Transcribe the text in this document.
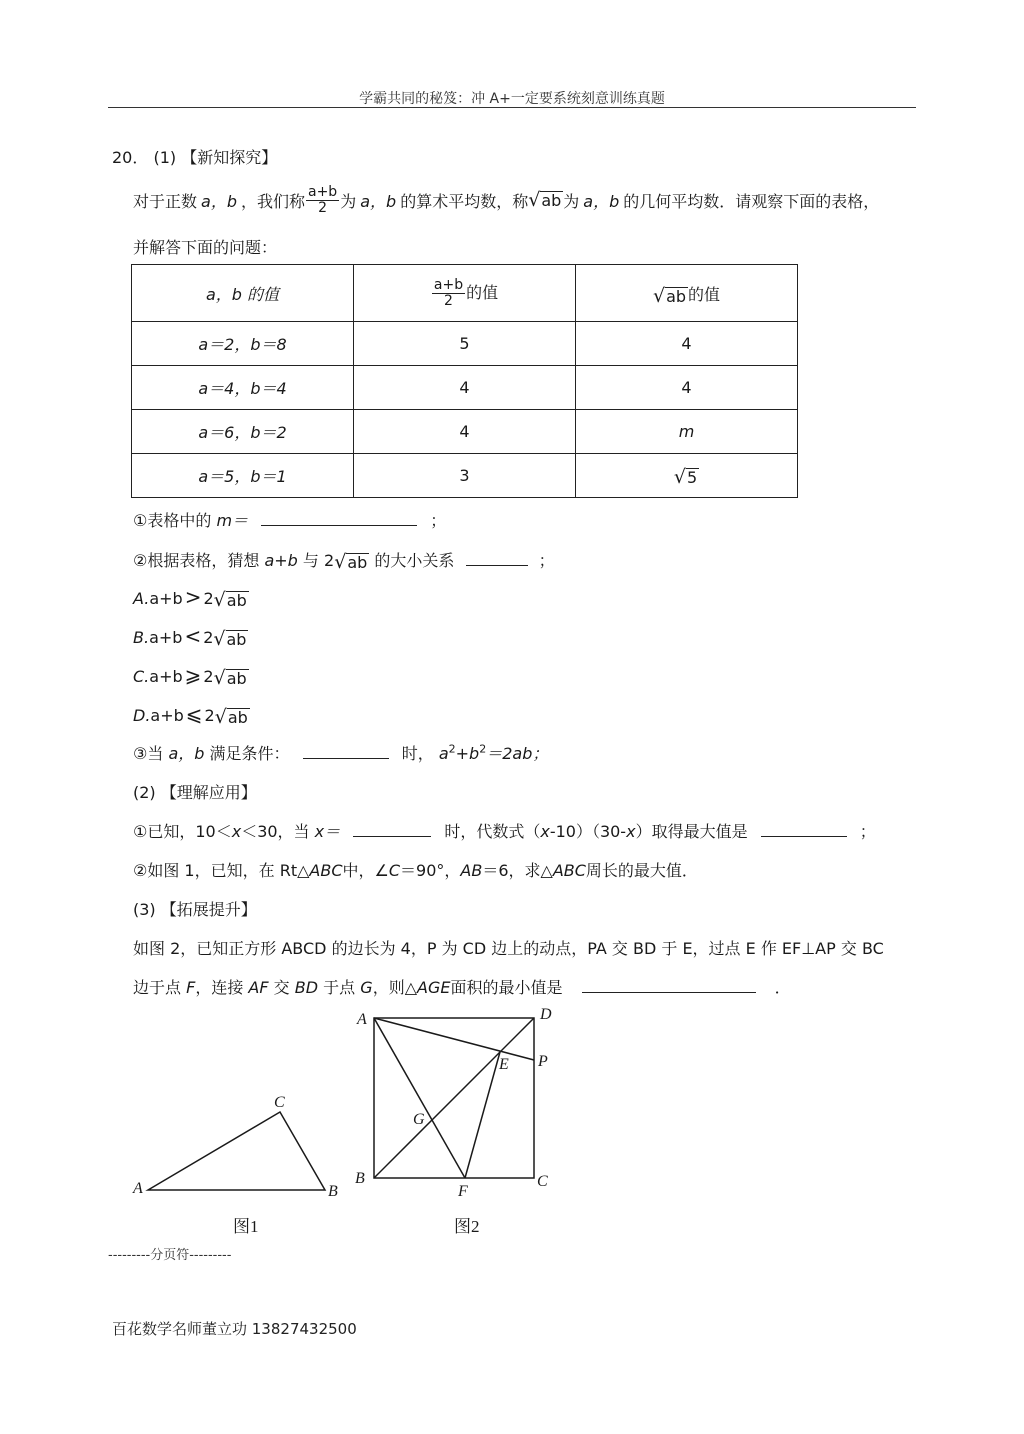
学霸共同的秘笈：冲 A+一定要系统刻意训练真题
20． (1) 【新知探究】
对于正数 a，b ，我们称 $\frac{a+b}{2}$ 为 a，b 的算术平均数，称 √ ab 为 a，b 的几何平均数．请观察下面的表格，
并解答下面的问题：
a，b 的值	$\frac{a+b}{2}$ 的值	√ ab 的值
a＝2，b＝8	5	4
a＝4，b＝4	4	4
a＝6，b＝2	4	m
a＝5，b＝1	3	√ 5
①表格中的 m＝	；
②根据表格，猜想 a+b 与 2 √ ab 的大小关系	；
A.a+b > 2 √ ab
B.a+b < 2 √ ab
C.a+b ⩾ 2 √ ab
D.a+b ⩽ 2 √ ab
③当 a，b 满足条件：	时， $a^2+b^2=2ab$；
(2) 【理解应用】
①已知，10＜x＜30，当 x＝	时，代数式（x-10）（30-x）取得最大值是	；
②如图 1，已知，在 Rt△ABC中，∠C＝90°，AB＝6，求△ABC周长的最大值．
(3) 【拓展提升】
如图 2，已知正方形 ABCD 的边长为 4，P 为 CD 边上的动点，PA 交 BD 于 E，过点 E 作 EF⊥AP 交 BC
边于点 F，连接 AF 交 BD 于点 G，则△AGE面积的最小值是	．
A
C
B
A	D
P
E
G
B
F
C
图1	图2
---------分页符---------
百花数学名师董立功 13827432500
